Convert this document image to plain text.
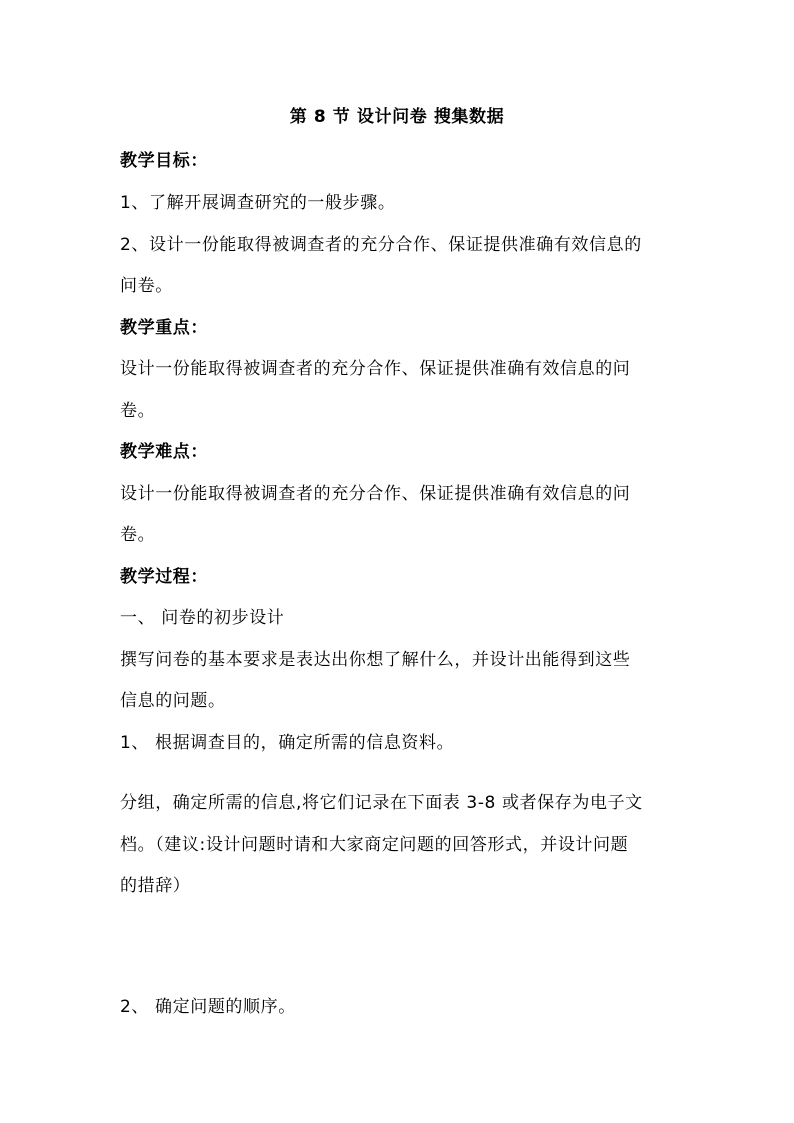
第 8 节 设计问卷 搜集数据
教学目标：
1、了解开展调查研究的一般步骤。
2、设计一份能取得被调查者的充分合作、保证提供准确有效信息的
问卷。
教学重点：
设计一份能取得被调查者的充分合作、保证提供准确有效信息的问
卷。
教学难点：
设计一份能取得被调查者的充分合作、保证提供准确有效信息的问
卷。
教学过程：
一、 问卷的初步设计
撰写问卷的基本要求是表达出你想了解什么，并设计出能得到这些
信息的问题。
1、 根据调查目的，确定所需的信息资料。
分组，确定所需的信息,将它们记录在下面表 3-8 或者保存为电子文
档。（建议:设计问题时请和大家商定问题的回答形式，并设计问题
的措辞）
2、 确定问题的顺序。
